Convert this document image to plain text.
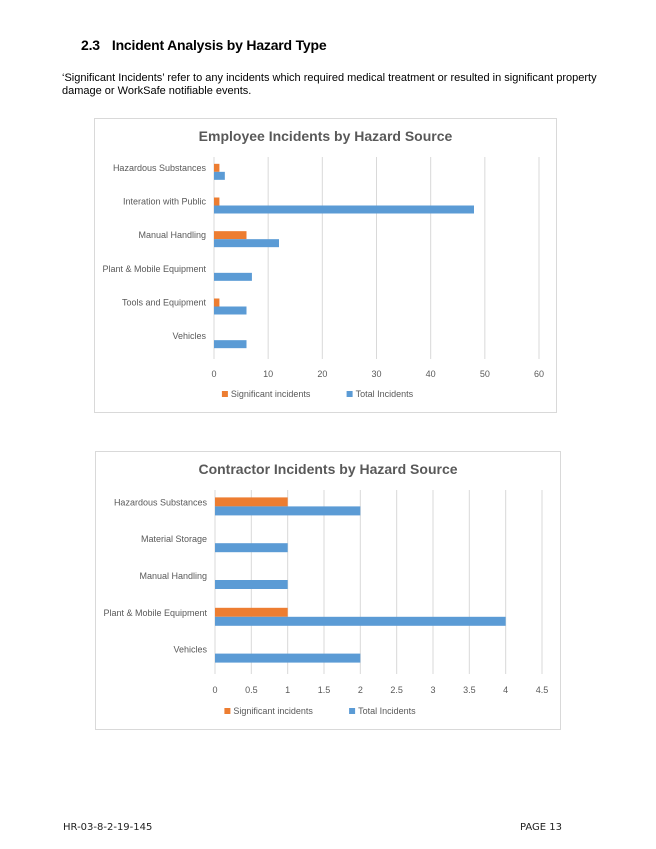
2.3 Incident Analysis by Hazard Type
‘Significant Incidents’ refer to any incidents which required medical treatment or resulted in significant property damage or WorkSafe notifiable events.
Employee Incidents by Hazard Source
0	10	20	30	40	50	60
Hazardous Substances
Interation with Public
Manual Handling
Plant & Mobile Equipment
Tools and Equipment
Vehicles
Significant incidents	Total Incidents
Contractor Incidents by Hazard Source
0	0.5	1	1.5	2	2.5	3	3.5	4	4.5
Hazardous Substances
Material Storage
Manual Handling
Plant & Mobile Equipment
Vehicles
Significant incidents	Total Incidents
HR-03-8-2-19-145	PAGE 13
